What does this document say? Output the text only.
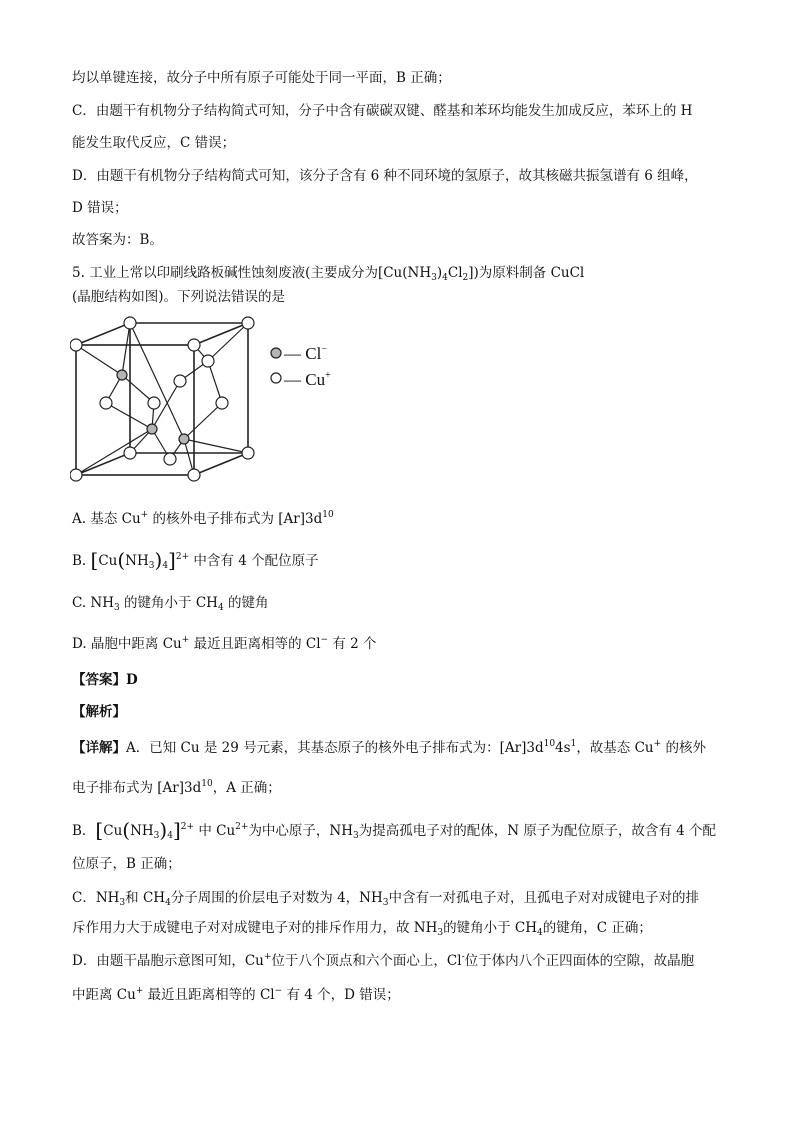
均以单键连接，故分子中所有原子可能处于同一平面，B 正确；
C．由题干有机物分子结构简式可知，分子中含有碳碳双键、醛基和苯环均能发生加成反应，苯环上的 H
能发生取代反应，C 错误；
D．由题干有机物分子结构简式可知，该分子含有 6 种不同环境的氢原子，故其核磁共振氢谱有 6 组峰，
D 错误；
故答案为：B。
5. 工业上常以印刷线路板碱性蚀刻废液(主要成分为$[Cu(NH_3)_4Cl_2]$)为原料制备 CuCl
(晶胞结构如图)。下列说法错误的是
— Cl−
— Cu+
A. 基态 Cu+ 的核外电子排布式为 $[Ar]3d^{10}$
B. $[Cu(NH_3)_4]^{2+}$ 中含有 4 个配位原子
C. $NH_3$ 的键角小于 $CH_4$ 的键角
D. 晶胞中距离 Cu+ 最近且距离相等的 Cl− 有 2 个
【答案】D
【解析】
【详解】A．已知 Cu 是 29 号元素，其基态原子的核外电子排布式为：$[Ar]3d^{10}4s^1$，故基态 Cu+ 的核外
电子排布式为 $[Ar]3d^{10}$，A 正确；
B．$[Cu(NH_3)_4]^{2+}$ 中 $Cu^{2+}$为中心原子，$NH_3$为提高孤电子对的配体，N 原子为配位原子，故含有 4 个配
位原子，B 正确；
C．$NH_3$和 $CH_4$分子周围的价层电子对数为 4，$NH_3$中含有一对孤电子对，且孤电子对对成键电子对的排
斥作用力大于成键电子对对成键电子对的排斥作用力，故 $NH_3$的键角小于 $CH_4$的键角，C 正确；
D．由题干晶胞示意图可知，Cu+位于八个顶点和六个面心上，Cl-位于体内八个正四面体的空隙，故晶胞
中距离 Cu+ 最近且距离相等的 Cl− 有 4 个，D 错误；
